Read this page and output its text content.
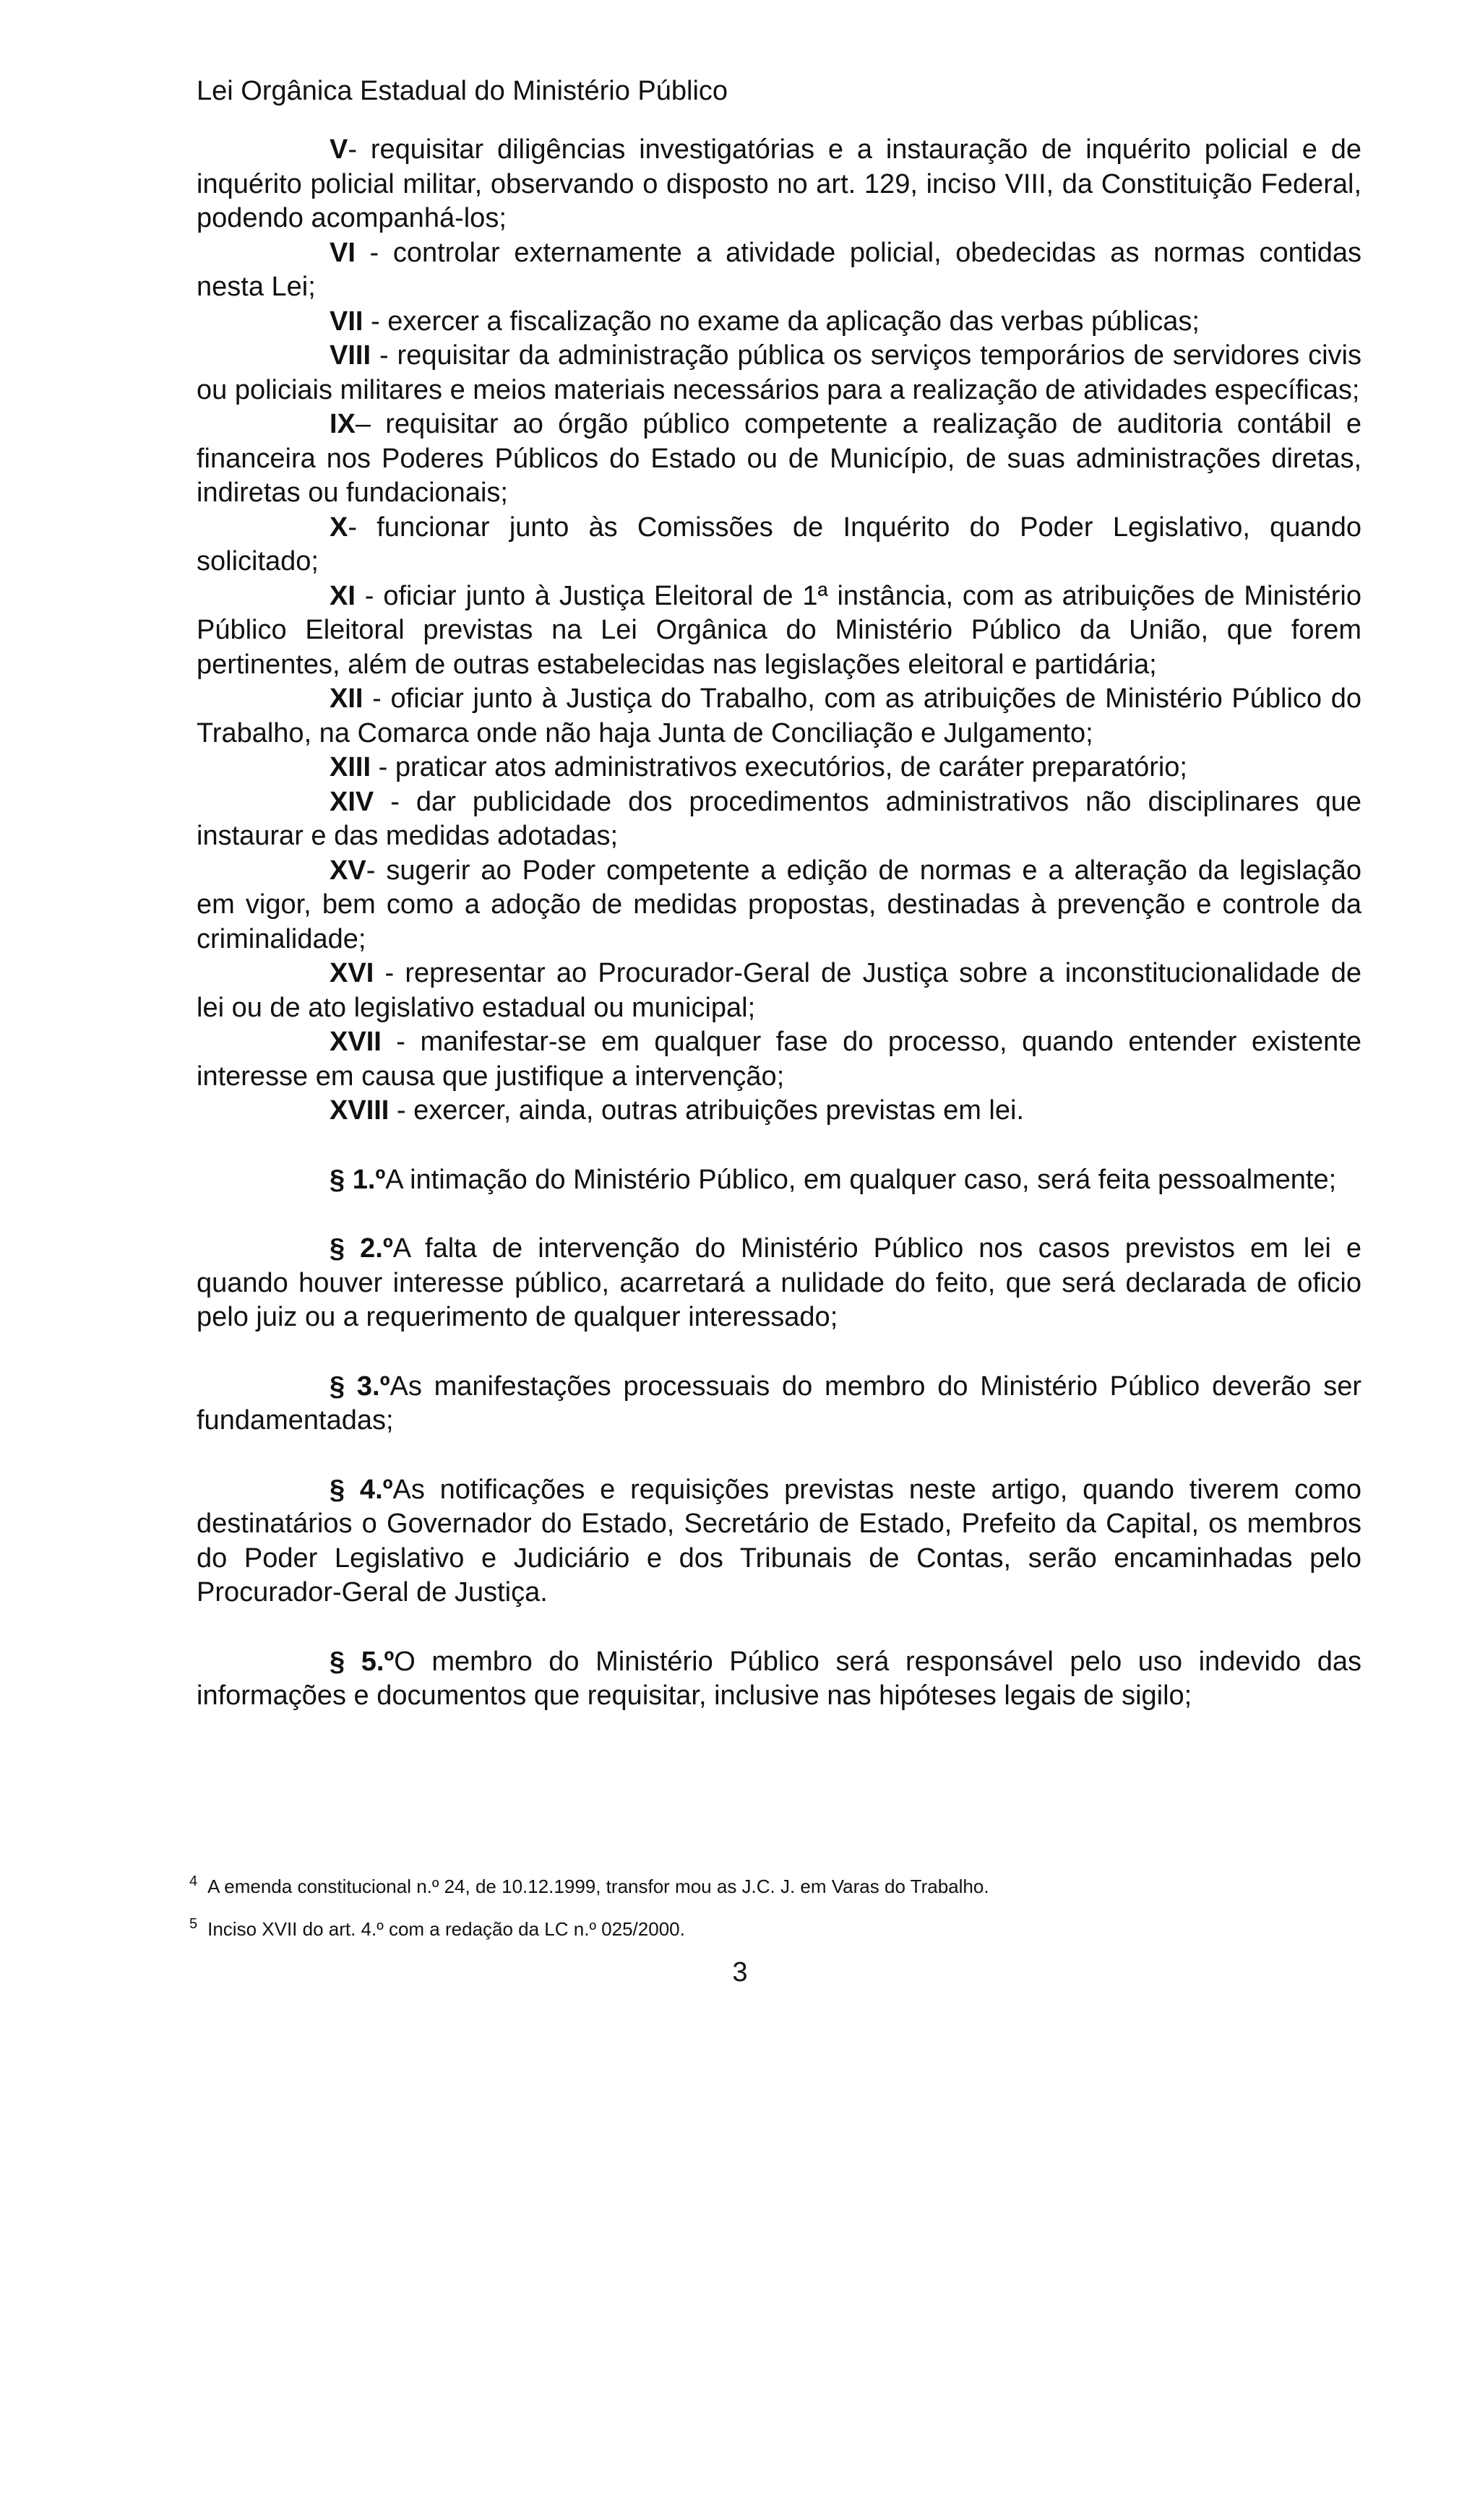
Lei Orgânica Estadual do Ministério Público

V- requisitar diligências investigatórias e a instauração de inquérito policial e de inquérito policial militar, observando o disposto no art. 129, inciso VIII, da Constituição Federal, podendo acompanhá-los;

VI - controlar externamente a atividade policial, obedecidas as normas contidas nesta Lei;

VII - exercer a fiscalização no exame da aplicação das verbas públicas;

VIII - requisitar da administração pública os serviços temporários de servidores civis ou policiais militares e meios materiais necessários para a realização de atividades específicas;

IX– requisitar ao órgão público competente a realização de auditoria contábil e financeira nos Poderes Públicos do Estado ou de Município, de suas administrações diretas, indiretas ou fundacionais;

X- funcionar junto às Comissões de Inquérito do Poder Legislativo, quando solicitado;

XI - oficiar junto à Justiça Eleitoral de 1ª instância, com as atribuições de Ministério Público Eleitoral previstas na Lei Orgânica do Ministério Público da União, que forem pertinentes, além de outras estabelecidas nas legislações eleitoral e partidária;

XII - oficiar junto à Justiça do Trabalho, com as atribuições de Ministério Público do Trabalho, na Comarca onde não haja Junta de Conciliação e Julgamento;

XIII - praticar atos administrativos executórios, de caráter preparatório;

XIV - dar publicidade dos procedimentos administrativos não disciplinares que instaurar e das medidas adotadas;

XV- sugerir ao Poder competente a edição de normas e a alteração da legislação em vigor, bem como a adoção de medidas propostas, destinadas à prevenção e controle da criminalidade;

XVI - representar ao Procurador-Geral de Justiça sobre a inconstitucionalidade de lei ou de ato legislativo estadual ou municipal;

XVII - manifestar-se em qualquer fase do processo, quando entender existente interesse em causa que justifique a intervenção;

XVIII - exercer, ainda, outras atribuições previstas em lei.

§ 1.ºA intimação do Ministério Público, em qualquer caso, será feita pessoalmente;

§ 2.ºA falta de intervenção do Ministério Público nos casos previstos em lei e quando houver interesse público, acarretará a nulidade do feito, que será declarada de oficio pelo juiz ou a requerimento de qualquer interessado;

§ 3.ºAs manifestações processuais do membro do Ministério Público deverão ser fundamentadas;

§ 4.ºAs notificações e requisições previstas neste artigo, quando tiverem como destinatários o Governador do Estado, Secretário de Estado, Prefeito da Capital, os membros do Poder Legislativo e Judiciário e dos Tribunais de Contas, serão encaminhadas pelo Procurador-Geral de Justiça.

§ 5.ºO membro do Ministério Público será responsável pelo uso indevido das informações e documentos que requisitar, inclusive nas hipóteses legais de sigilo;

$^4$ A emenda constitucional n.º 24, de 10.12.1999, transfor mou as J.C. J. em Varas do Trabalho.
$^5$ Inciso XVII do art. 4.º com a redação da LC n.º 025/2000.
3
